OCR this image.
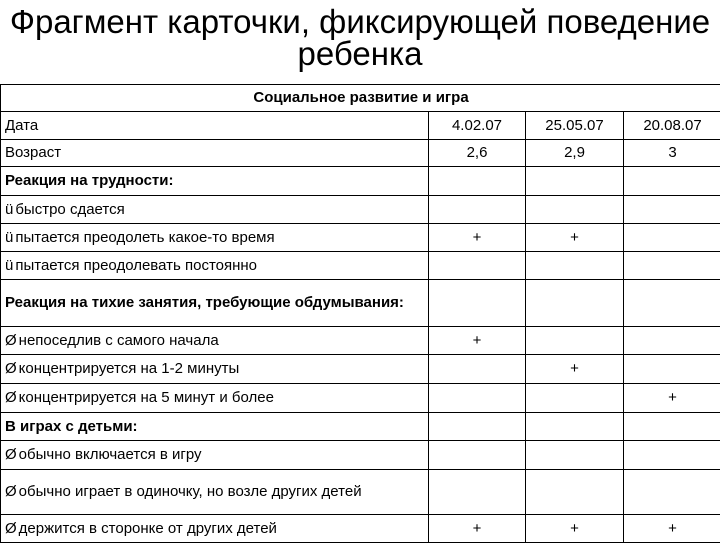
Фрагмент карточки, фиксирующей поведение
ребенка
Социальное развитие и игра			
Дата	4.02.07	25.05.07	20.08.07
Возраст	2,6	2,9	3
Реакция на трудности:			
ü быстро сдается			
ü пытается преодолеть какое-то время	+	+	
ü пытается преодолевать постоянно			
Реакция на тихие занятия, требующие обдумывания:			
Ø непоседлив с самого начала	+		
Ø концентрируется на 1-2 минуты		+	
Ø концентрируется на 5 минут и более			+
В играх с детьми:			
Ø обычно включается в игру			
Ø обычно играет в одиночку, но возле других детей			
Ø держится в сторонке от других детей	+	+	+
